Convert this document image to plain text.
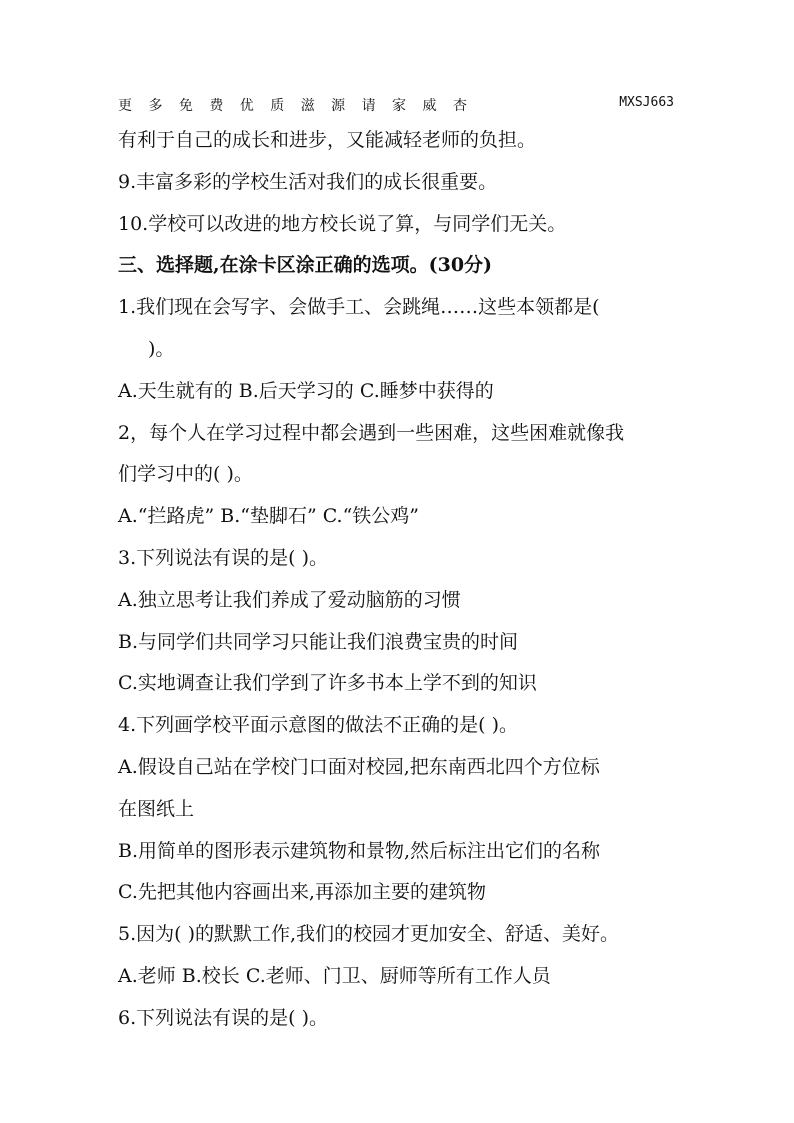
更 多 免 费 优 质 滋 源 请 家 威 杏	MXSJ663
有利于自己的成长和进步，又能减轻老师的负担。
9.丰富多彩的学校生活对我们的成长很重要。
10.学校可以改进的地方校长说了算，与同学们无关。
三、选择题,在涂卡区涂正确的选项。(30分)
1.我们现在会写字、会做手工、会跳绳……这些本领都是(
)。
A.天生就有的 B.后天学习的 C.睡梦中获得的
2，每个人在学习过程中都会遇到一些困难，这些困难就像我
们学习中的( )。
A.“拦路虎” B.“垫脚石” C.“铁公鸡”
3.下列说法有误的是( )。
A.独立思考让我们养成了爱动脑筋的习惯
B.与同学们共同学习只能让我们浪费宝贵的时间
C.实地调查让我们学到了许多书本上学不到的知识
4.下列画学校平面示意图的做法不正确的是( )。
A.假设自己站在学校门口面对校园,把东南西北四个方位标
在图纸上
B.用简单的图形表示建筑物和景物,然后标注出它们的名称
C.先把其他内容画出来,再添加主要的建筑物
5.因为( )的默默工作,我们的校园才更加安全、舒适、美好。
A.老师 B.校长 C.老师、门卫、厨师等所有工作人员
6.下列说法有误的是( )。
